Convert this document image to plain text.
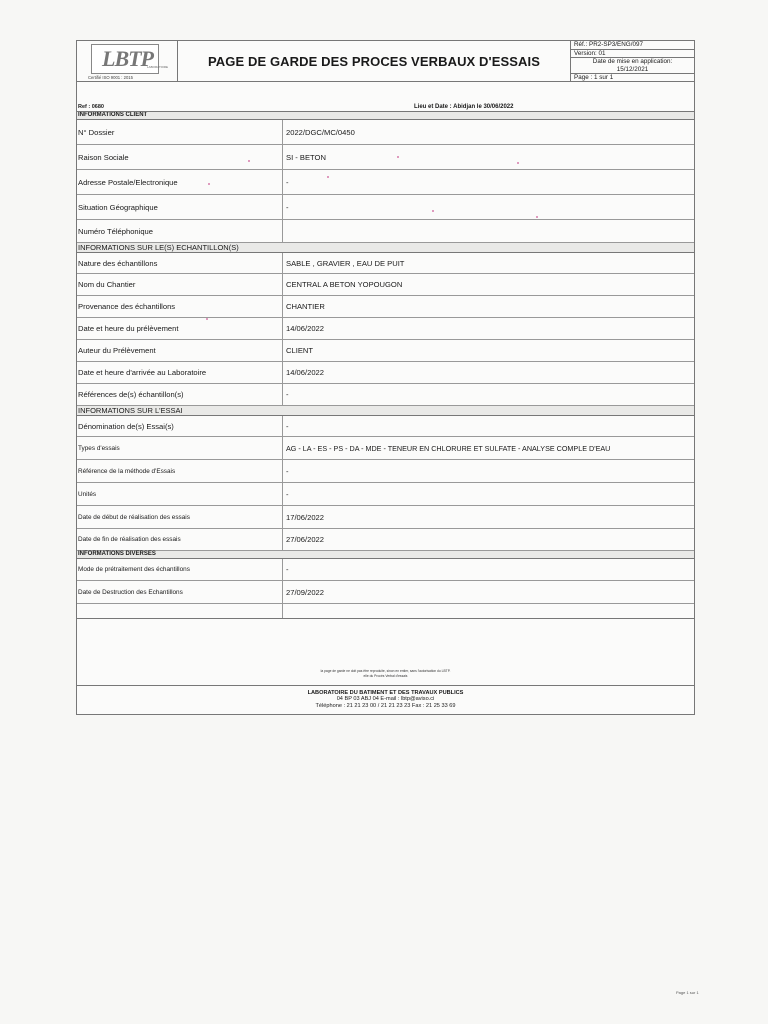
LBTP
LABORATOIRE
Certifié ISO 9001 : 2015
PAGE DE GARDE DES PROCES VERBAUX D'ESSAIS
Réf.: PR2-SP3/ENG/097
Version: 01
Date de mise en application:
15/12/2021
Page : 1 sur 1
Ref : 0680	Lieu et Date : Abidjan le 30/06/2022
INFORMATIONS CLIENT
N° Dossier	2022/DGC/MC/0450
Raison Sociale	SI - BETON
Adresse Postale/Electronique	-
Situation Géographique	-
Numéro Téléphonique
INFORMATIONS SUR LE(S) ECHANTILLON(S)
Nature des échantillons	SABLE , GRAVIER , EAU DE PUIT
Nom du Chantier	CENTRAL A BETON YOPOUGON
Provenance des échantillons	CHANTIER
Date et heure du prélèvement	14/06/2022
Auteur du Prélèvement	CLIENT
Date et heure d'arrivée au Laboratoire	14/06/2022
Références de(s) échantillon(s)	-
INFORMATIONS SUR L'ESSAI
Dénomination de(s) Essai(s)	-
Types d'essais	AG - LA - ES - PS - DA - MDE - TENEUR EN CHLORURE ET SULFATE - ANALYSE COMPLE D'EAU
Référence de la méthode d'Essais	-
Unités	-
Date de début de réalisation des essais	17/06/2022
Date de fin de réalisation des essais	27/06/2022
INFORMATIONS DIVERSES
Mode de prétraitement des échantillons	-
Date de Destruction des Echantillons	27/09/2022
la page de garde ne doit pas être reproduite, sinon en entier, sans l'autorisation du LBTP.
elle du Procès Verbal d'essais
LABORATOIRE DU BATIMENT ET DES TRAVAUX PUBLICS
04 BP 03 ABJ 04 E-mail : lbtp@aviso.ci
Téléphone : 21 21 23 00 / 21 21 23 23 Fax : 21 25 33 69
Page 1 sur 1
